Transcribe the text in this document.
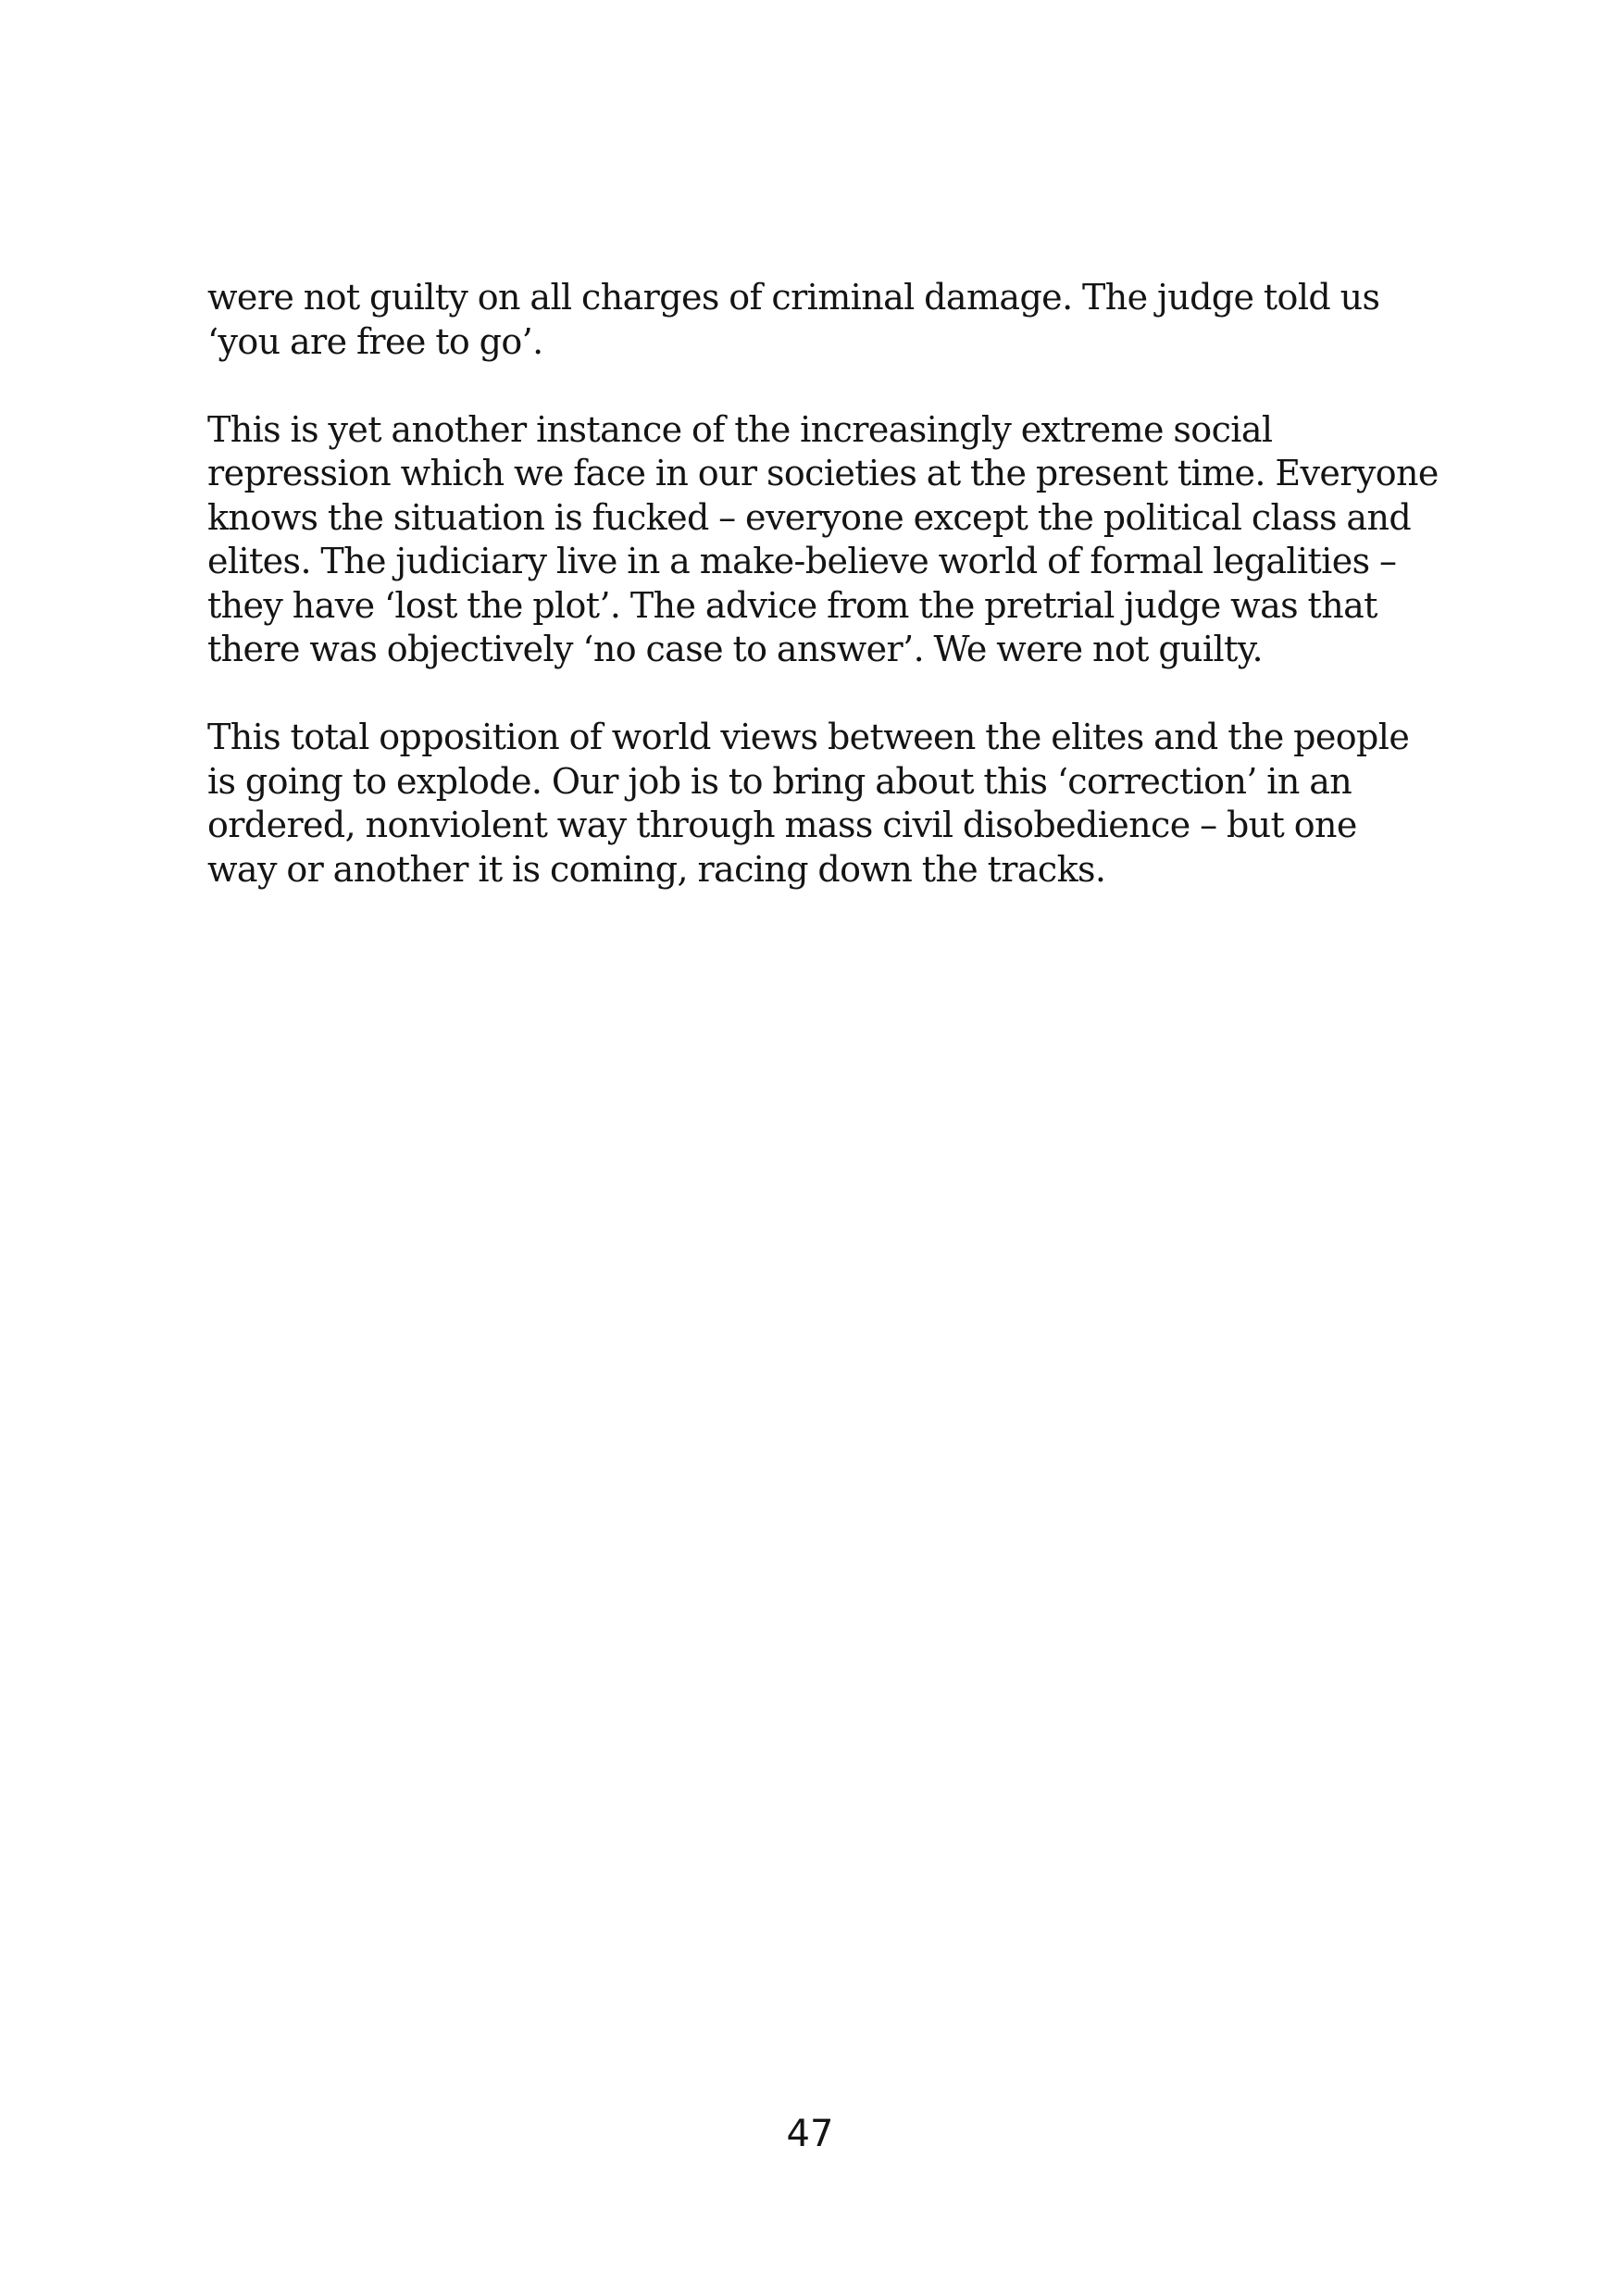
were not guilty on all charges of criminal damage. The judge told us
‘you are free to go’.

This is yet another instance of the increasingly extreme social
repression which we face in our societies at the present time. Everyone
knows the situation is fucked – everyone except the political class and
elites. The judiciary live in a make-believe world of formal legalities –
they have ‘lost the plot’. The advice from the pretrial judge was that
there was objectively ‘no case to answer’. We were not guilty.

This total opposition of world views between the elites and the people
is going to explode. Our job is to bring about this ‘correction’ in an
ordered, nonviolent way through mass civil disobedience – but one
way or another it is coming, racing down the tracks.

47
